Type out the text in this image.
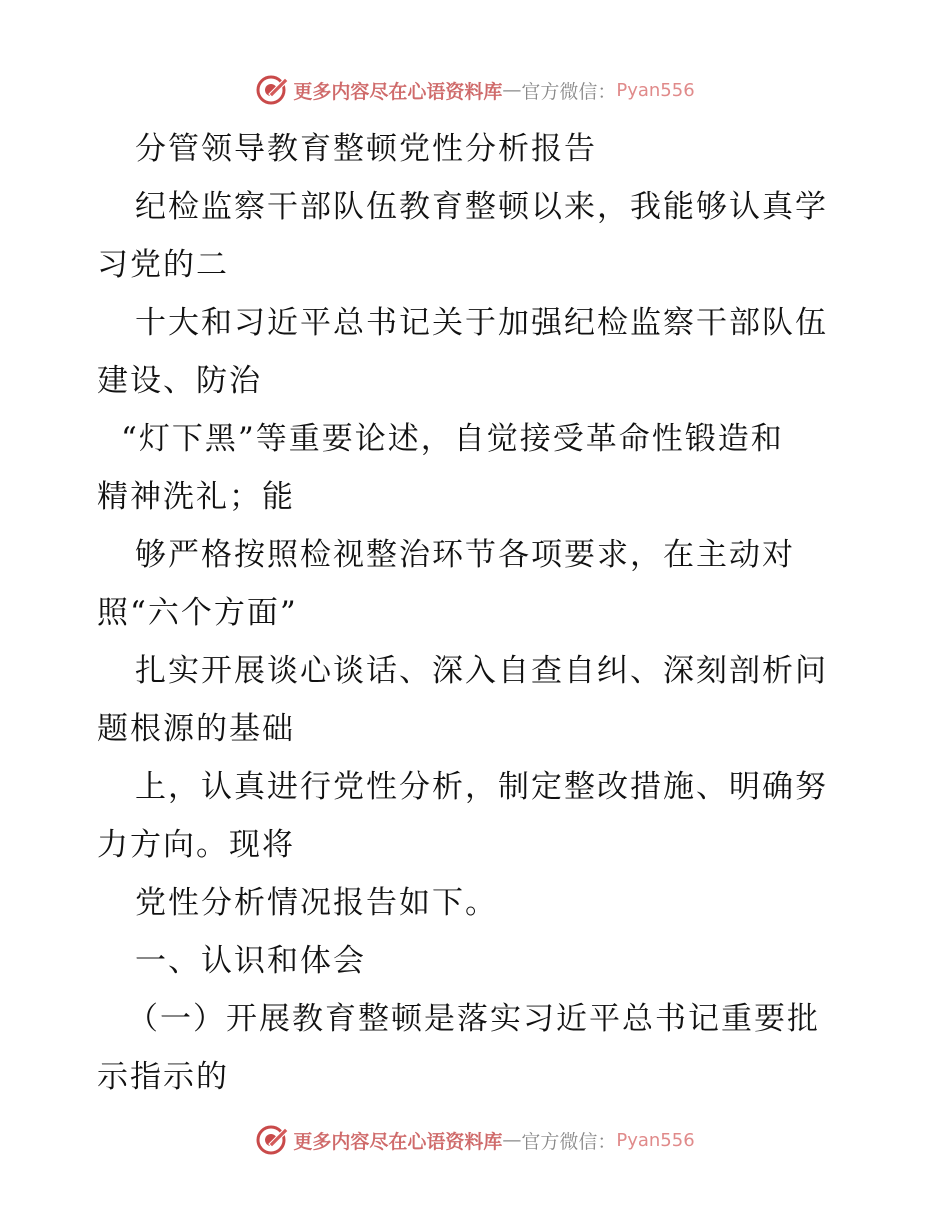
更多内容尽在心语资料库 — 官方微信： Pyan556
分管领导教育整顿党性分析报告
纪检监察干部队伍教育整顿以来，我能够认真学
习党的二
十大和习近平总书记关于加强纪检监察干部队伍
建设、防治
“灯下黑”等重要论述，自觉接受革命性锻造和
精神洗礼；能
够严格按照检视整治环节各项要求，在主动对
照“六个方面”
扎实开展谈心谈话、深入自查自纠、深刻剖析问
题根源的基础
上，认真进行党性分析，制定整改措施、明确努
力方向。现将
党性分析情况报告如下。
一、认识和体会
（一）开展教育整顿是落实习近平总书记重要批
示指示的
更多内容尽在心语资料库 — 官方微信： Pyan556
